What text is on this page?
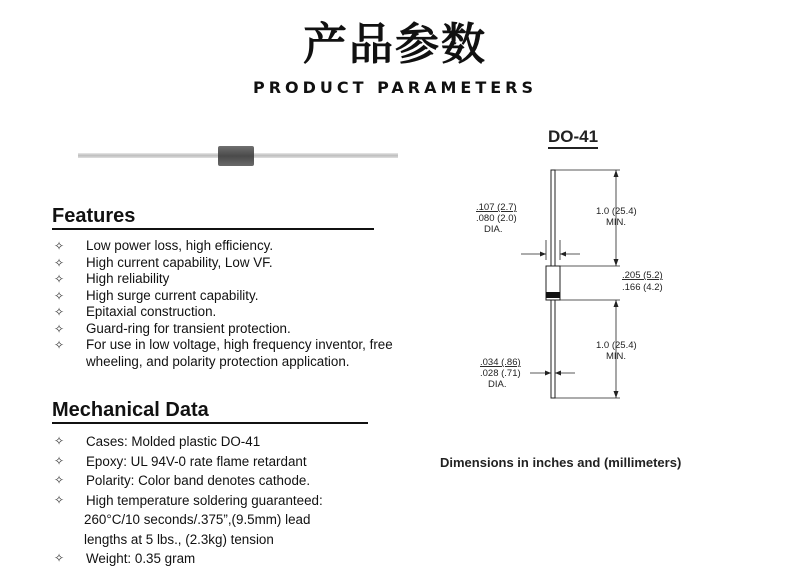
产品参数
PRODUCT PARAMETERS
Features
✧ Low power loss, high efficiency.
✧ High current capability, Low VF.
✧ High reliability
✧ High surge current capability.
✧ Epitaxial construction.
✧ Guard-ring for transient protection.
✧ For use in low voltage, high frequency inventor, free wheeling, and polarity protection application.
Mechanical Data
✧ Cases: Molded plastic DO-41
✧ Epoxy: UL 94V-0 rate flame retardant
✧ Polarity: Color band denotes cathode.
✧ High temperature soldering guaranteed:
260°C/10 seconds/.375”,(9.5mm) lead
lengths at 5 lbs., (2.3kg) tension
✧ Weight: 0.35 gram
DO-41
.107 (2.7)
.080 (2.0)
DIA.
1.0 (25.4)
MIN.
.205 (5.2)
.166 (4.2)
1.0 (25.4)
MIN.
.034 (.86)
.028 (.71)
DIA.
Dimensions in inches and (millimeters)
